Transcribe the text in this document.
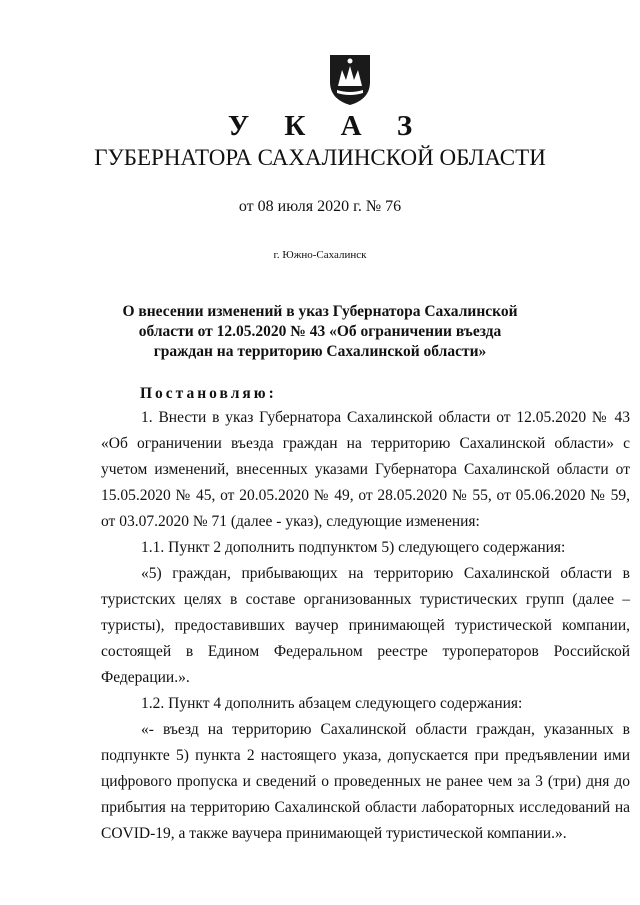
У К А З
ГУБЕРНАТОРА САХАЛИНСКОЙ ОБЛАСТИ
от 08 июля 2020 г. № 76
г. Южно-Сахалинск
О внесении изменений в указ Губернатора Сахалинской
области от 12.05.2020 № 43 «Об ограничении въезда
граждан на территорию Сахалинской области»
Постановляю:
1. Внести в указ Губернатора Сахалинской области от 12.05.2020 № 43 «Об ограничении въезда граждан на территорию Сахалинской области» с учетом изменений, внесенных указами Губернатора Сахалинской области от 15.05.2020 № 45, от 20.05.2020 № 49, от 28.05.2020 № 55, от 05.06.2020 № 59, от 03.07.2020 № 71 (далее - указ), следующие изменения:
1.1. Пункт 2 дополнить подпунктом 5) следующего содержания:
«5) граждан, прибывающих на территорию Сахалинской области в туристских целях в составе организованных туристических групп (далее – туристы), предоставивших ваучер принимающей туристической компании, состоящей в Едином Федеральном реестре туроператоров Российской Федерации.».
1.2. Пункт 4 дополнить абзацем следующего содержания:
«- въезд на территорию Сахалинской области граждан, указанных в подпункте 5) пункта 2 настоящего указа, допускается при предъявлении ими цифрового пропуска и сведений о проведенных не ранее чем за 3 (три) дня до прибытия на территорию Сахалинской области лабораторных исследований на COVID-19, а также ваучера принимающей туристической компании.».
